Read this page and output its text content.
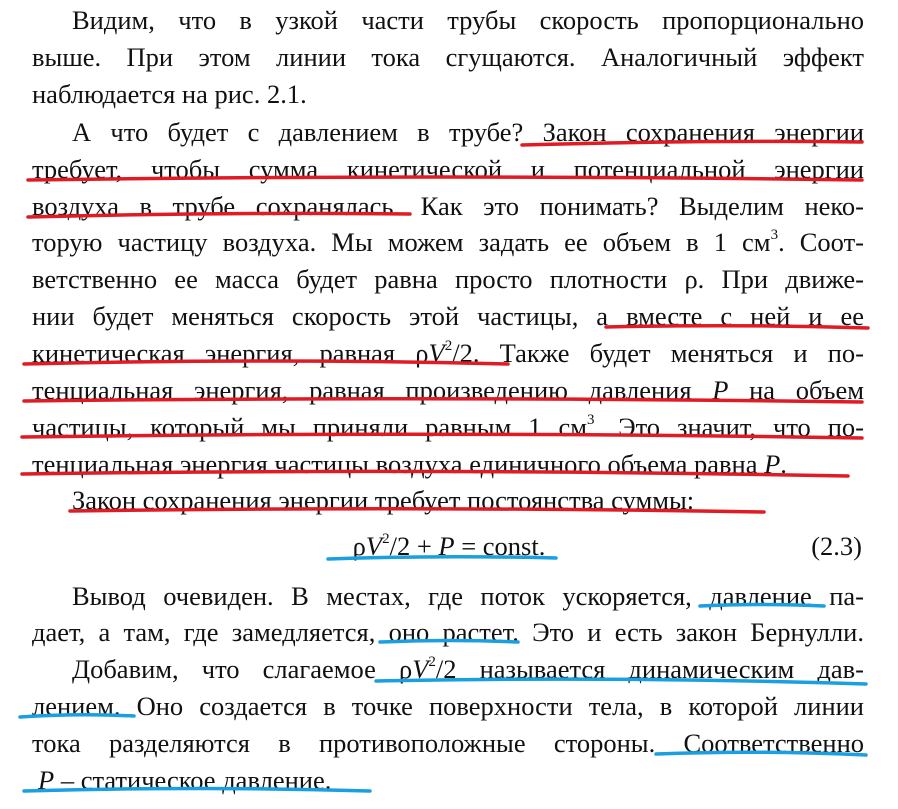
Видим, что в узкой части трубы скорость пропорционально
выше. При этом линии тока сгущаются. Аналогичный эффект
наблюдается на рис. 2.1.
А что будет с давлением в трубе? Закон сохранения энергии
требует, чтобы сумма кинетической и потенциальной энергии
воздуха в трубе сохранялась. Как это понимать? Выделим неко-
торую частицу воздуха. Мы можем задать ее объем в 1 $см^3$. Соот-
ветственно ее масса будет равна просто плотности ρ. При движе-
нии будет меняться скорость этой частицы, а вместе с ней и ее
кинетическая энергия, равная $\rho V^2/2$. Также будет меняться и по-
тенциальная энергия, равная произведению давления P на объем
частицы, который мы приняли равным 1 $см^3$. Это значит, что по-
тенциальная энергия частицы воздуха единичного объема равна P.
Закон сохранения энергии требует постоянства суммы:
$\rho V^2/2 + P$ = const.	(2.3)
Вывод очевиден. В местах, где поток ускоряется, давление па-
дает, а там, где замедляется, оно растет. Это и есть закон Бернулли.
Добавим, что слагаемое $\rho V^2/2$ называется динамическим дав-
лением. Оно создается в точке поверхности тела, в которой линии
тока разделяются в противоположные стороны. Соответственно
P – статическое давление.
